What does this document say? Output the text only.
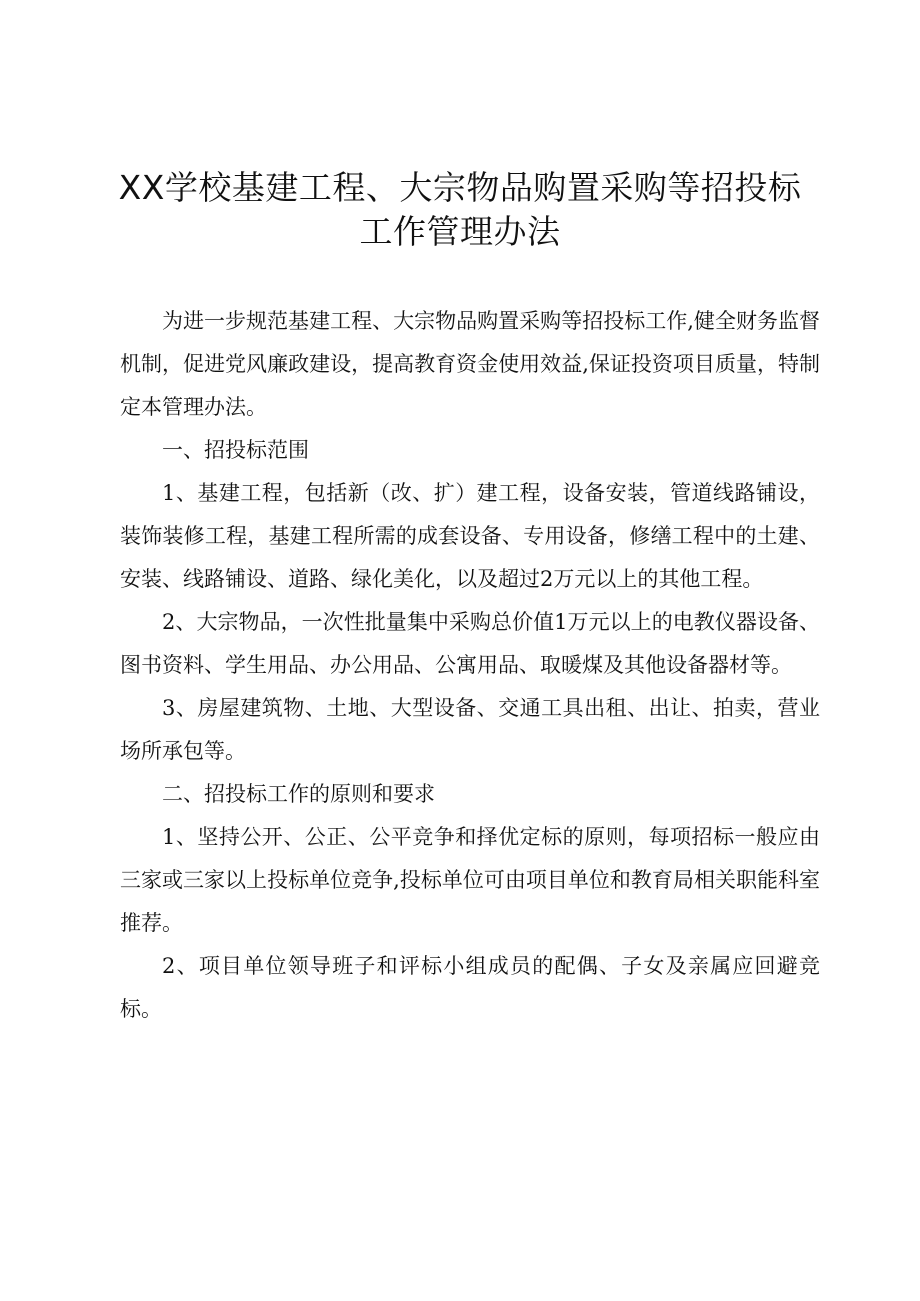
XX学校基建工程、大宗物品购置采购等招投标
工作管理办法

为进一步规范基建工程、大宗物品购置采购等招投标工作,健全财务监督机制，促进党风廉政建设，提高教育资金使用效益,保证投资项目质量，特制定本管理办法。

一、招投标范围

1、基建工程，包括新（改、扩）建工程，设备安装，管道线路铺设，装饰装修工程，基建工程所需的成套设备、专用设备，修缮工程中的土建、安装、线路铺设、道路、绿化美化，以及超过2万元以上的其他工程。

2、大宗物品，一次性批量集中采购总价值1万元以上的电教仪器设备、图书资料、学生用品、办公用品、公寓用品、取暖煤及其他设备器材等。

3、房屋建筑物、土地、大型设备、交通工具出租、出让、拍卖，营业场所承包等。

二、招投标工作的原则和要求

1、坚持公开、公正、公平竞争和择优定标的原则，每项招标一般应由三家或三家以上投标单位竞争,投标单位可由项目单位和教育局相关职能科室推荐。

2、项目单位领导班子和评标小组成员的配偶、子女及亲属应回避竞标。
